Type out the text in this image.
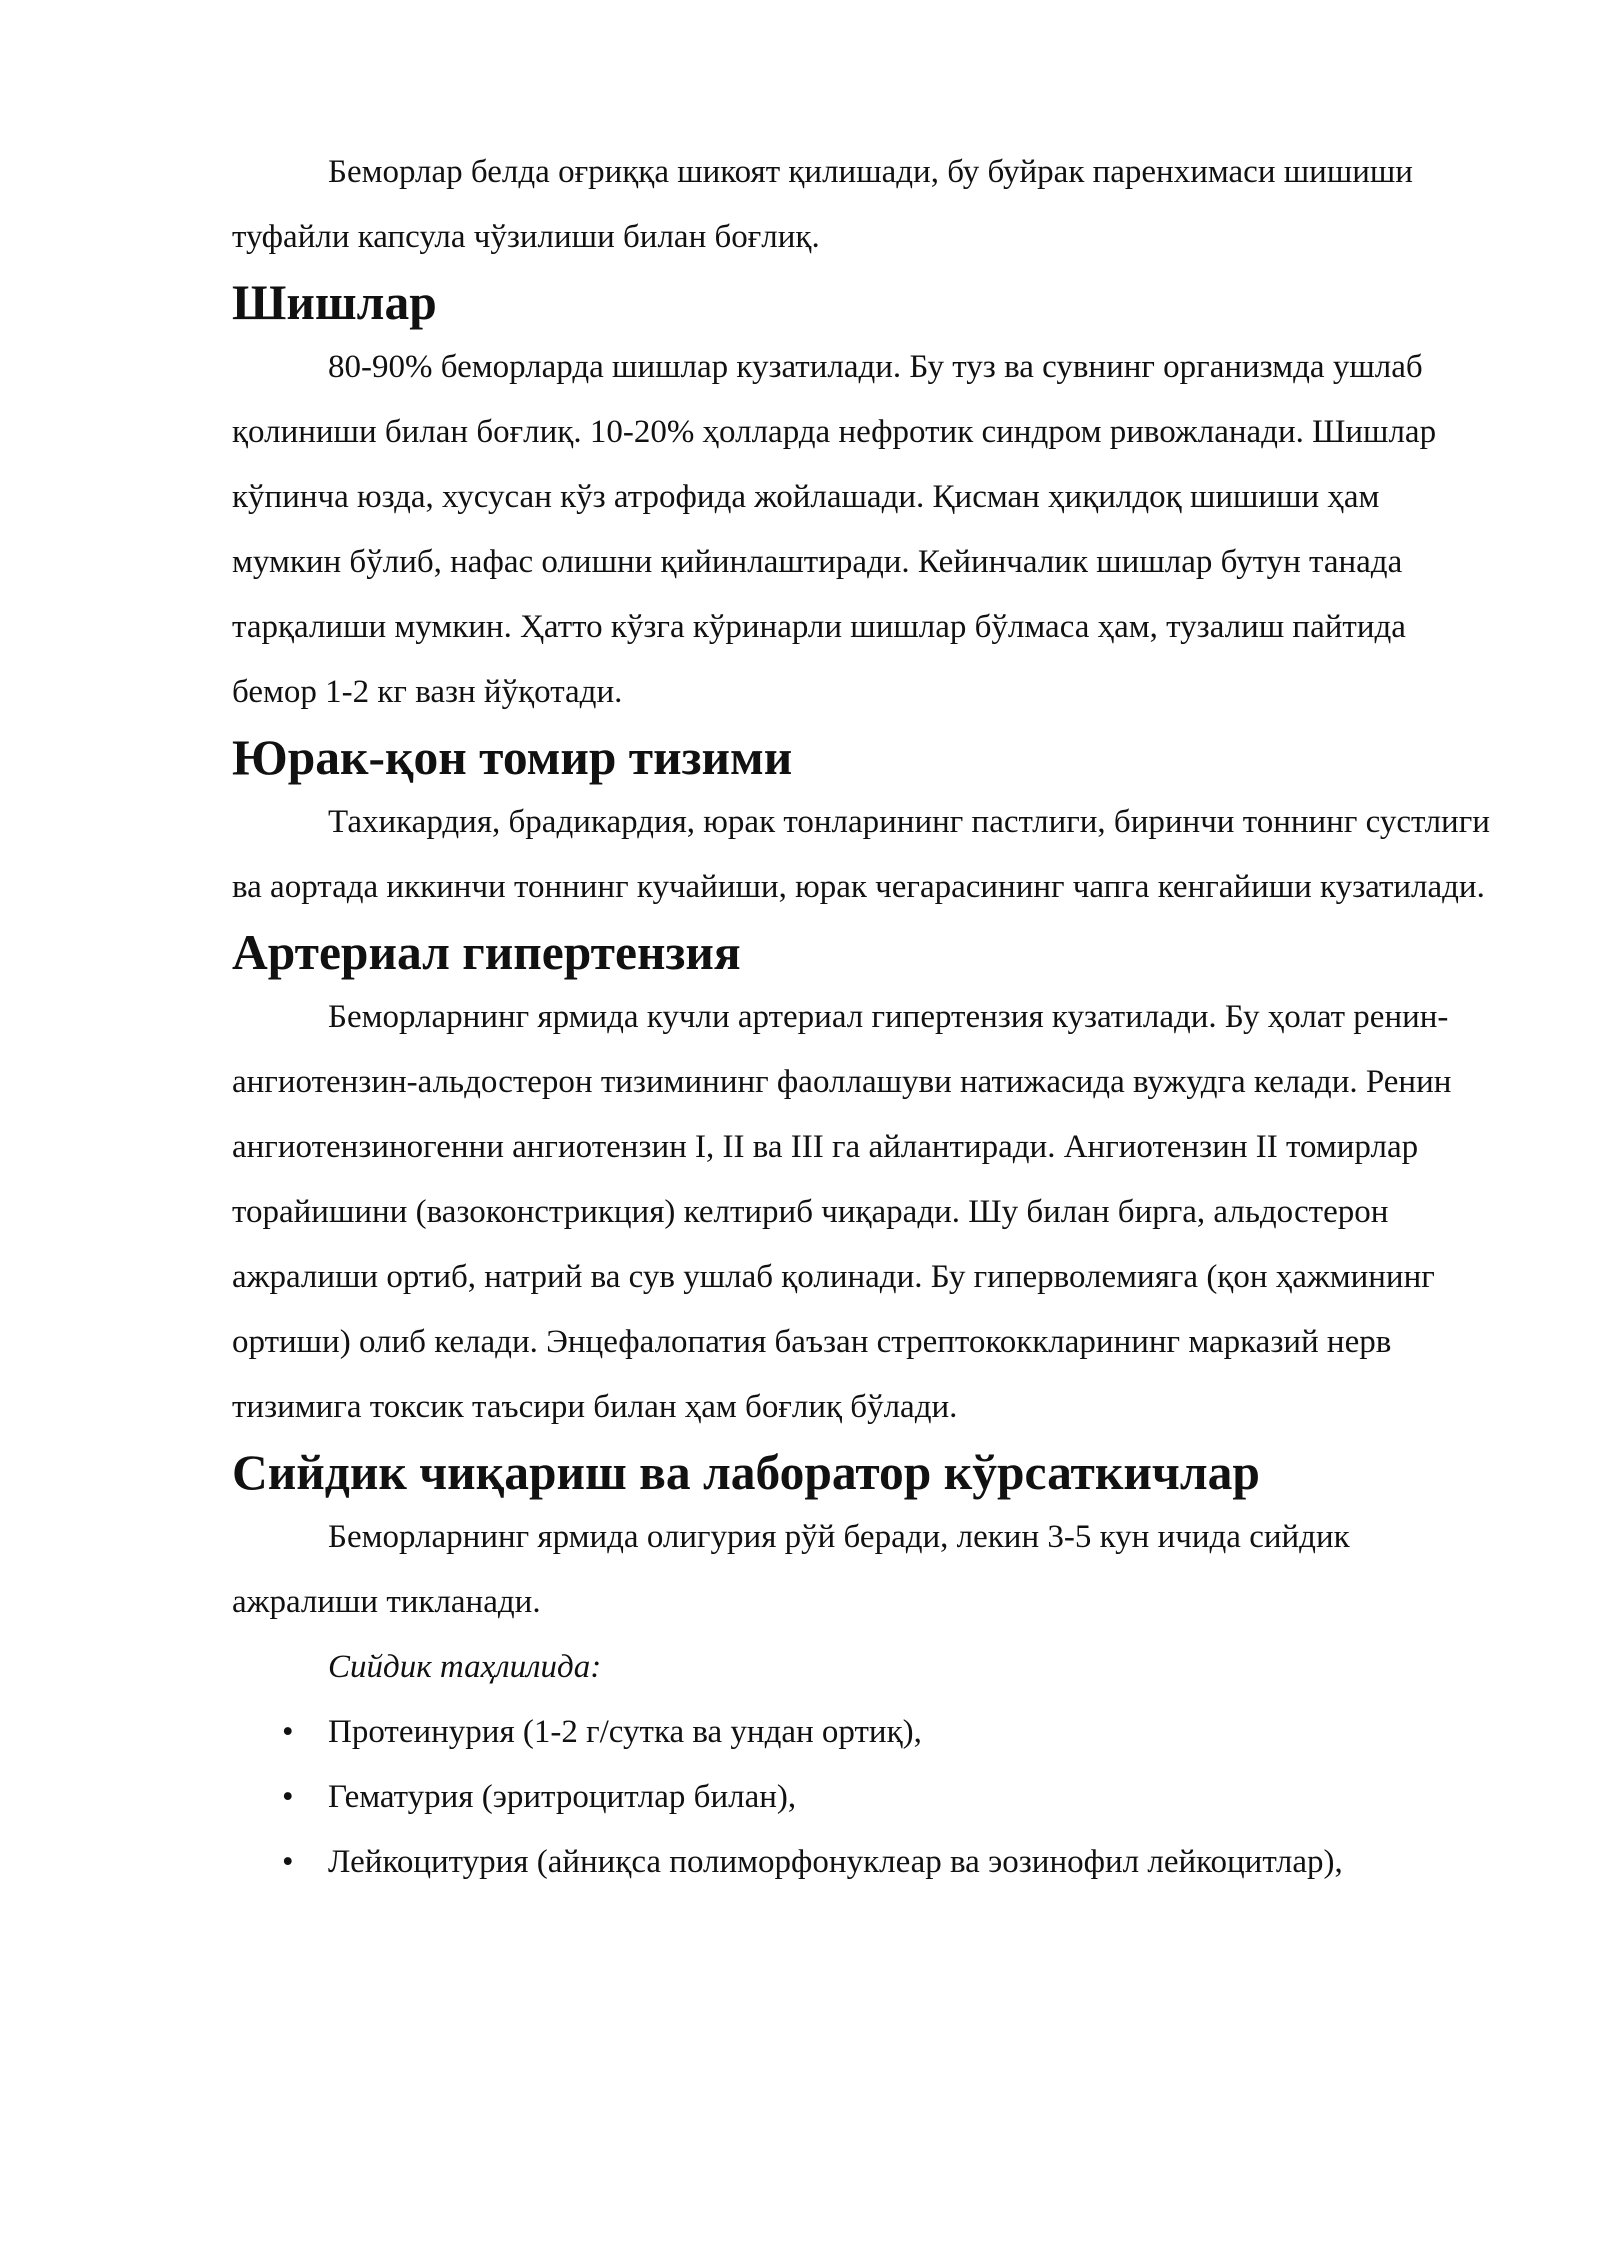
Беморлар белда оғриққа шикоят қилишади, бу буйрак паренхимаси шишиши туфайли капсула чўзилиши билан боғлиқ.

Шишлар

80-90% беморларда шишлар кузатилади. Бу туз ва сувнинг организмда ушлаб қолиниши билан боғлиқ. 10-20% ҳолларда нефротик синдром ривожланади. Шишлар кўпинча юзда, хусусан кўз атрофида жойлашади. Қисман ҳиқилдоқ шишиши ҳам мумкин бўлиб, нафас олишни қийинлаштиради. Кейинчалик шишлар бутун танада тарқалиши мумкин. Ҳатто кўзга кўринарли шишлар бўлмаса ҳам, тузалиш пайтида бемор 1-2 кг вазн йўқотади.

Юрак-қон томир тизими

Тахикардия, брадикардия, юрак тонларининг пастлиги, биринчи тоннинг сустлиги ва аортада иккинчи тоннинг кучайиши, юрак чегарасининг чапга кенгайиши кузатилади.

Артериал гипертензия

Беморларнинг ярмида кучли артериал гипертензия кузатилади. Бу ҳолат ренин-ангиотензин-альдостерон тизимининг фаоллашуви натижасида вужудга келади. Ренин ангиотензиногенни ангиотензин I, II ва III га айлантиради. Ангиотензин II томирлар торайишини (вазоконстрикция) келтириб чиқаради. Шу билан бирга, альдостерон ажралиши ортиб, натрий ва сув ушлаб қолинади. Бу гиперволемияга (қон ҳажмининг ортиши) олиб келади. Энцефалопатия баъзан стрептококкларининг марказий нерв тизимига токсик таъсири билан ҳам боғлиқ бўлади.

Сийдик чиқариш ва лаборатор кўрсаткичлар

Беморларнинг ярмида олигурия рўй беради, лекин 3-5 кун ичида сийдик ажралиши тикланади.

Сийдик таҳлилида:

• Протеинурия (1-2 г/сутка ва ундан ортиқ),
• Гематурия (эритроцитлар билан),
• Лейкоцитурия (айниқса полиморфонуклеар ва эозинофил лейкоцитлар),
